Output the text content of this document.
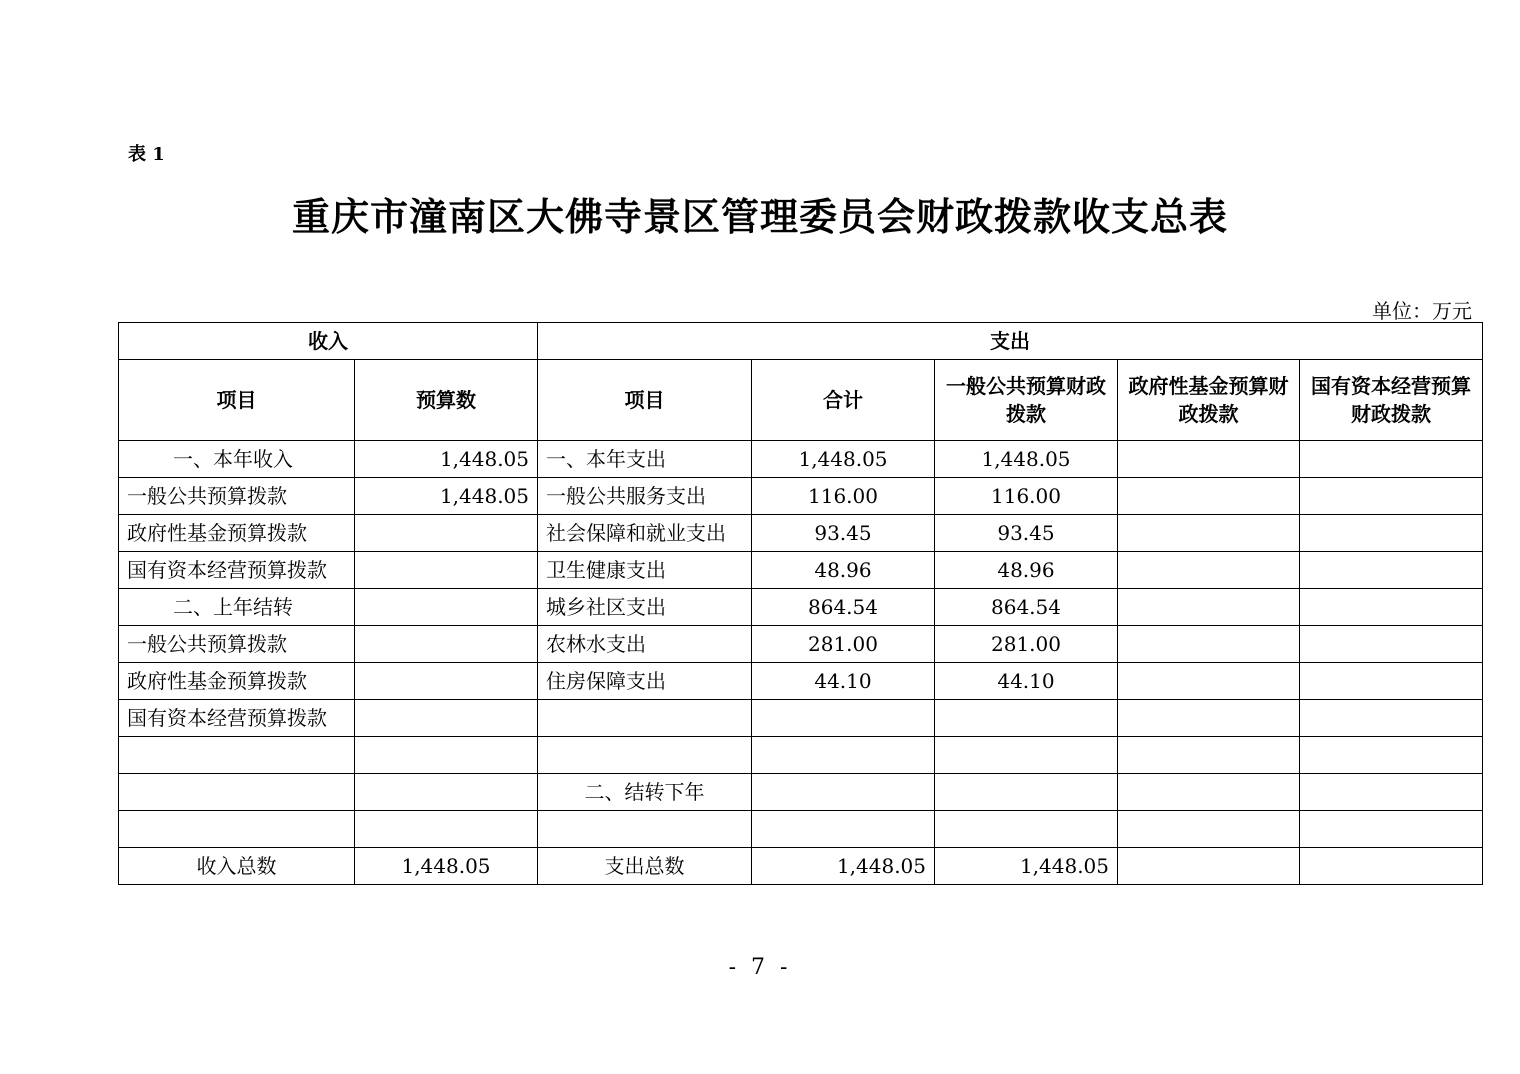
表 1
重庆市潼南区大佛寺景区管理委员会财政拨款收支总表
单位：万元
收入		支出				
项目	预算数	项目	合计	一般公共预算财政拨款	政府性基金预算财政拨款	国有资本经营预算财政拨款
一、本年收入	1,448.05	一、本年支出	1,448.05	1,448.05		
一般公共预算拨款	1,448.05	一般公共服务支出	116.00	116.00		
政府性基金预算拨款		社会保障和就业支出	93.45	93.45		
国有资本经营预算拨款		卫生健康支出	48.96	48.96		
二、上年结转		城乡社区支出	864.54	864.54		
一般公共预算拨款		农林水支出	281.00	281.00		
政府性基金预算拨款		住房保障支出	44.10	44.10		
国有资本经营预算拨款						

		二、结转下年				

收入总数	1,448.05	支出总数	1,448.05	1,448.05		
- 7 -
